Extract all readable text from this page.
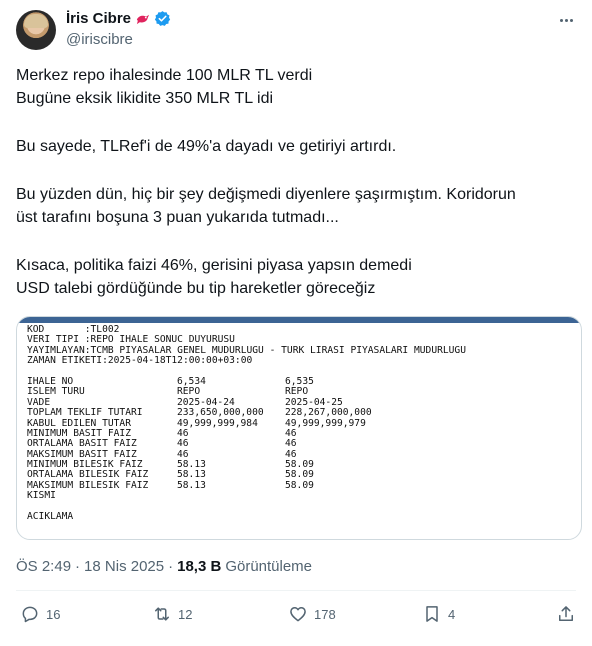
İris Cibre
@iriscibre

Merkez repo ihalesinde 100 MLR TL verdi

Bugüne eksik likidite 350 MLR TL idi

Bu sayede, TLRef'i de 49%'a dayadı ve getiriyi artırdı.

Bu yüzden dün, hiç bir şey değişmedi diyenlere şaşırmıştım. Koridorun

üst tarafını boşuna 3 puan yukarıda tutmadı...

Kısaca, politika faizi 46%, gerisini piyasa yapsın demedi

USD talebi gördüğünde bu tip hareketler göreceğiz

KOD       :TL002
VERI TIPI :REPO IHALE SONUC DUYURUSU
YAYIMLAYAN:TCMB PIYASALAR GENEL MUDURLUGU - TURK LIRASI PIYASALARI MUDURLUGU
ZAMAN ETIKETI:2025-04-18T12:00:00+03:00
IHALE NO	6,534	6,535
ISLEM TURU	REPO	REPO
VADE	2025-04-24	2025-04-25
TOPLAM TEKLIF TUTARI	233,650,000,000	228,267,000,000
KABUL EDILEN TUTAR	49,999,999,984	49,999,999,979
MINIMUM BASIT FAIZ	46	46
ORTALAMA BASIT FAIZ	46	46
MAKSIMUM BASIT FAIZ	46	46
MINIMUM BILESIK FAIZ	58.13	58.09
ORTALAMA BILESIK FAIZ	58.13	58.09
MAKSIMUM BILESIK FAIZ	58.13	58.09
KISMI
ACIKLAMA
ÖS 2:49 · 18 Nis 2025 · 18,3 B Görüntüleme
16	12	178	4
